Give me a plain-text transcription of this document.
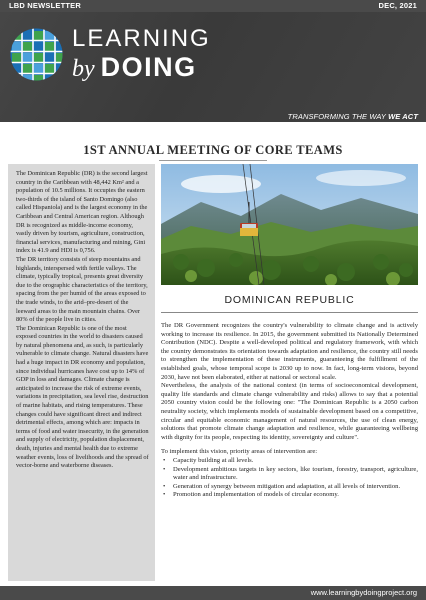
LBD NEWSLETTER	DEC, 2021
LEARNING
by DOING
TRANSFORMING THE WAY WE ACT
1ST ANNUAL MEETING OF CORE TEAMS

The Dominican Republic (DR) is the second largest country in the Caribbean with 48,442 Km² and a population of 10.5 millions. It occupies the eastern two-thirds of the island of Santo Domingo (also called Hispaniola) and is the largest economy in the Caribbean and Central American region. Although DR is recognized as middle-income economy, vastly driven by tourism, agriculture, construction, financial services, manufacturing and mining, Gini index is 41.9 and HDI is 0,756.

The DR territory consists of steep mountains and highlands, interspersed with fertile valleys. The climate, typically tropical, presents great diversity due to the orographic characteristics of the territory, spacing from the per humid of the areas exposed to the trade winds, to the arid–pre-desert of the leeward areas to the main mountain chains. Over 80% of the people live in cities.

The Dominican Republic is one of the most exposed countries in the world to disasters caused by natural phenomena and, as such, is particularly vulnerable to climate change. Natural disasters have had a huge impact in DR economy and population, since individual hurricanes have cost up to 14% of GDP in loss and damages. Climate change is anticipated to increase the risk of extreme events, variations in precipitation, sea level rise, destruction of marine habitats, and rising temperatures. These changes could have significant direct and indirect detrimental effects, among which are: impacts in terms of food and water insecurity, in the generation and supply of electricity, population displacement, death, injuries and mental health due to extreme weather events, loss of livelihoods and the spread of vector-borne and waterborne diseases.

DOMINICAN REPUBLIC

The DR Government recognizes the country's vulnerability to climate change and is actively working to increase its resilience. In 2015, the government submitted its Nationally Determined Contribution (NDC). Despite a well-developed political and regulatory framework, with which the country demonstrates its orientation towards adaptation and resilience, the country still needs to strengthen the implementation of these instruments, guaranteeing the fulfillment of the established goals, whose temporal scope is 2030 up to now. In fact, long-term visions, beyond 2030, have not been elaborated, either at national or sectoral scale.

Nevertheless, the analysis of the national context (in terms of socioeconomical development, quality life standards and climate change vulnerability and risks) allows to say that a potential 2050 country vision could be the following one: "The Dominican Republic is a 2050 carbon neutrality society, which implements models of sustainable development based on a competitive, circular and equitable economic management of natural resources, the use of clean energy, solutions that promote climate change adaptation and resilience, while guaranteeing wellbeing with dignity for its people, respecting its identity, sovereignty and culture".

To implement this vision, priority areas of intervention are:

• Capacity building at all levels.
• Development ambitious targets in key sectors, like tourism, forestry, transport, agriculture, water and infrastructure.
• Generation of synergy between mitigation and adaptation, at all levels of intervention.
• Promotion and implementation of models of circular economy.
www.learningbydoingproject.org
